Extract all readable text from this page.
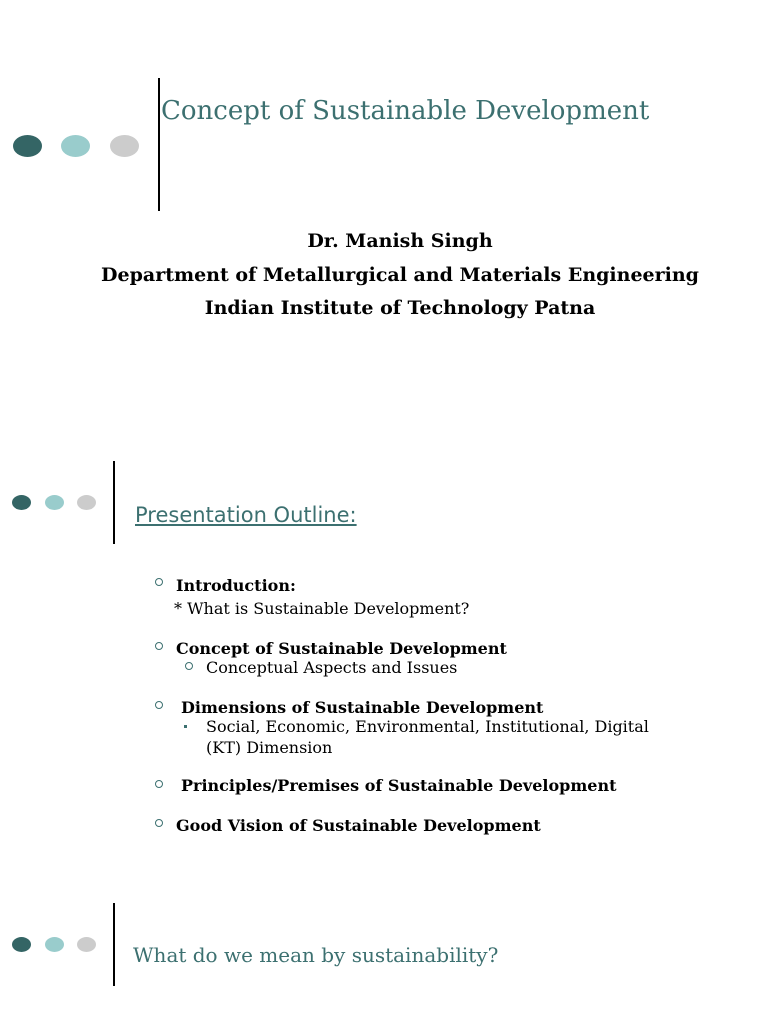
Concept of Sustainable Development
Dr. Manish Singh
Department of Metallurgical and Materials Engineering
Indian Institute of Technology Patna
Presentation Outline:
Introduction:
* What is Sustainable Development?
Concept of Sustainable Development
Conceptual Aspects and Issues
Dimensions of Sustainable Development
Social, Economic, Environmental, Institutional, Digital
(KT) Dimension
Principles/Premises of Sustainable Development
Good Vision of Sustainable Development
What do we mean by sustainability?
